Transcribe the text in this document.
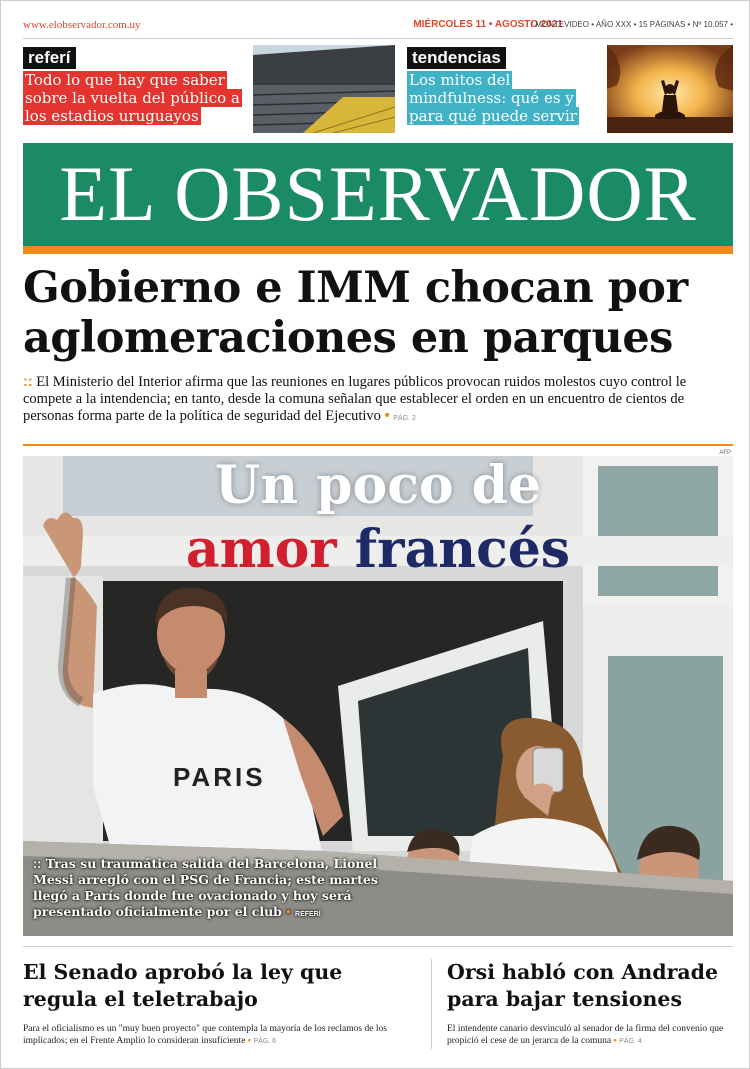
www.elobservador.com.uy	MIÉRCOLES 11 • AGOSTO 2021
/ MONTEVIDEO • AÑO XXX • 15 PÁGINAS • Nº 10.057 •
referí
Todo lo que hay que saber sobre la vuelta del público a los estadios uruguayos
tendencias
Los mitos del mindfulness: qué es y para qué puede servir
EL OBSERVADOR
Gobierno e IMM chocan por aglomeraciones en parques
:: El Ministerio del Interior afirma que las reuniones en lugares públicos provocan ruidos molestos cuyo control le compete a la intendencia; en tanto, desde la comuna señalan que establecer el orden en un encuentro de cientos de personas forma parte de la política de seguridad del Ejecutivo • PÁG. 2
AFP
PARIS
Un poco de
amor francés
:: Tras su traumática salida del Barcelona, Lionel Messi arregló con el PSG de Francia; este martes llegó a París donde fue ovacionado y hoy será presentado oficialmente por el club • REFERÍ
El Senado aprobó la ley que regula el teletrabajo
Para el oficialismo es un "muy buen proyecto" que contempla la mayoría de los reclamos de los implicados; en el Frente Amplio lo consideran insuficiente • PÁG. 6
Orsi habló con Andrade para bajar tensiones
El intendente canario desvinculó al senador de la firma del convenio que propició el cese de un jerarca de la comuna • PÁG. 4
